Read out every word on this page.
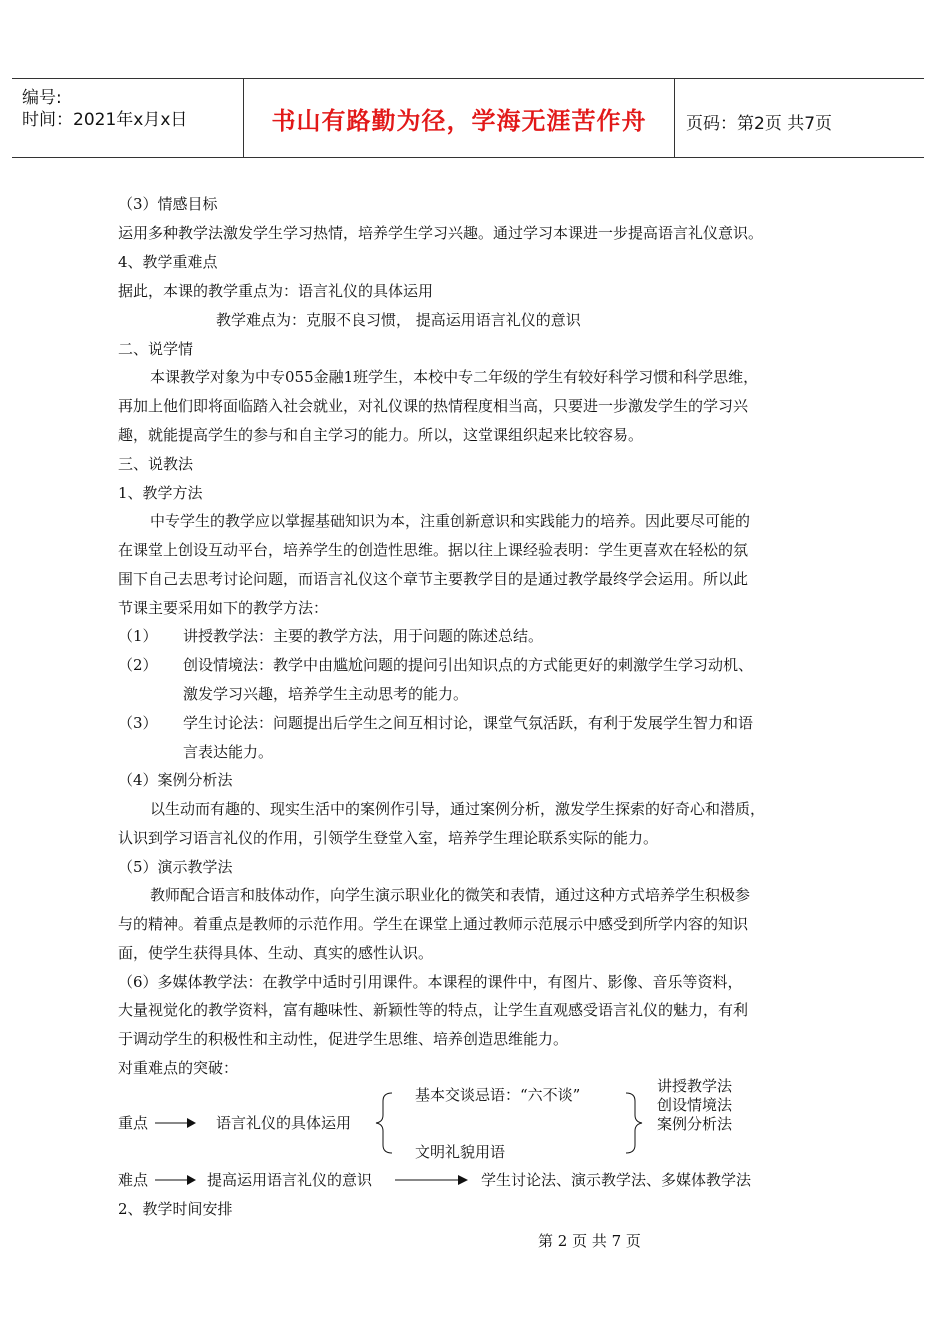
编号:
时间：2021年x月x日	书山有路勤为径，学海无涯苦作舟	页码：第2页 共7页
（3）情感目标
运用多种教学法激发学生学习热情，培养学生学习兴趣。通过学习本课进一步提高语言礼仪意识。
4、教学重难点
据此，本课的教学重点为：语言礼仪的具体运用
教学难点为：克服不良习惯， 提高运用语言礼仪的意识
二、说学情
本课教学对象为中专055金融1班学生，本校中专二年级的学生有较好科学习惯和科学思维，
再加上他们即将面临踏入社会就业，对礼仪课的热情程度相当高，只要进一步激发学生的学习兴
趣，就能提高学生的参与和自主学习的能力。所以，这堂课组织起来比较容易。
三、说教法
1、教学方法
中专学生的教学应以掌握基础知识为本，注重创新意识和实践能力的培养。因此要尽可能的
在课堂上创设互动平台，培养学生的创造性思维。据以往上课经验表明：学生更喜欢在轻松的氛
围下自己去思考讨论问题，而语言礼仪这个章节主要教学目的是通过教学最终学会运用。所以此
节课主要采用如下的教学方法：
（1） 讲授教学法：主要的教学方法，用于问题的陈述总结。
（2） 创设情境法：教学中由尴尬问题的提问引出知识点的方式能更好的刺激学生学习动机、
激发学习兴趣，培养学生主动思考的能力。
（3） 学生讨论法：问题提出后学生之间互相讨论，课堂气氛活跃，有利于发展学生智力和语
言表达能力。
（4）案例分析法
以生动而有趣的、现实生活中的案例作引导，通过案例分析，激发学生探索的好奇心和潜质，
认识到学习语言礼仪的作用，引领学生登堂入室，培养学生理论联系实际的能力。
（5）演示教学法
教师配合语言和肢体动作，向学生演示职业化的微笑和表情，通过这种方式培养学生积极参
与的精神。着重点是教师的示范作用。学生在课堂上通过教师示范展示中感受到所学内容的知识
面，使学生获得具体、生动、真实的感性认识。
（6）多媒体教学法：在教学中适时引用课件。本课程的课件中，有图片、影像、音乐等资料，
大量视觉化的教学资料，富有趣味性、新颖性等的特点，让学生直观感受语言礼仪的魅力，有利
于调动学生的积极性和主动性，促进学生思维、培养创造思维能力。
对重难点的突破：
重点	语言礼仪的具体运用
基本交谈忌语：“六不谈”
文明礼貌用语
讲授教学法
创设情境法
案例分析法
难点	提高运用语言礼仪的意识	学生讨论法、演示教学法、多媒体教学法
2、教学时间安排
第 2 页 共 7 页
